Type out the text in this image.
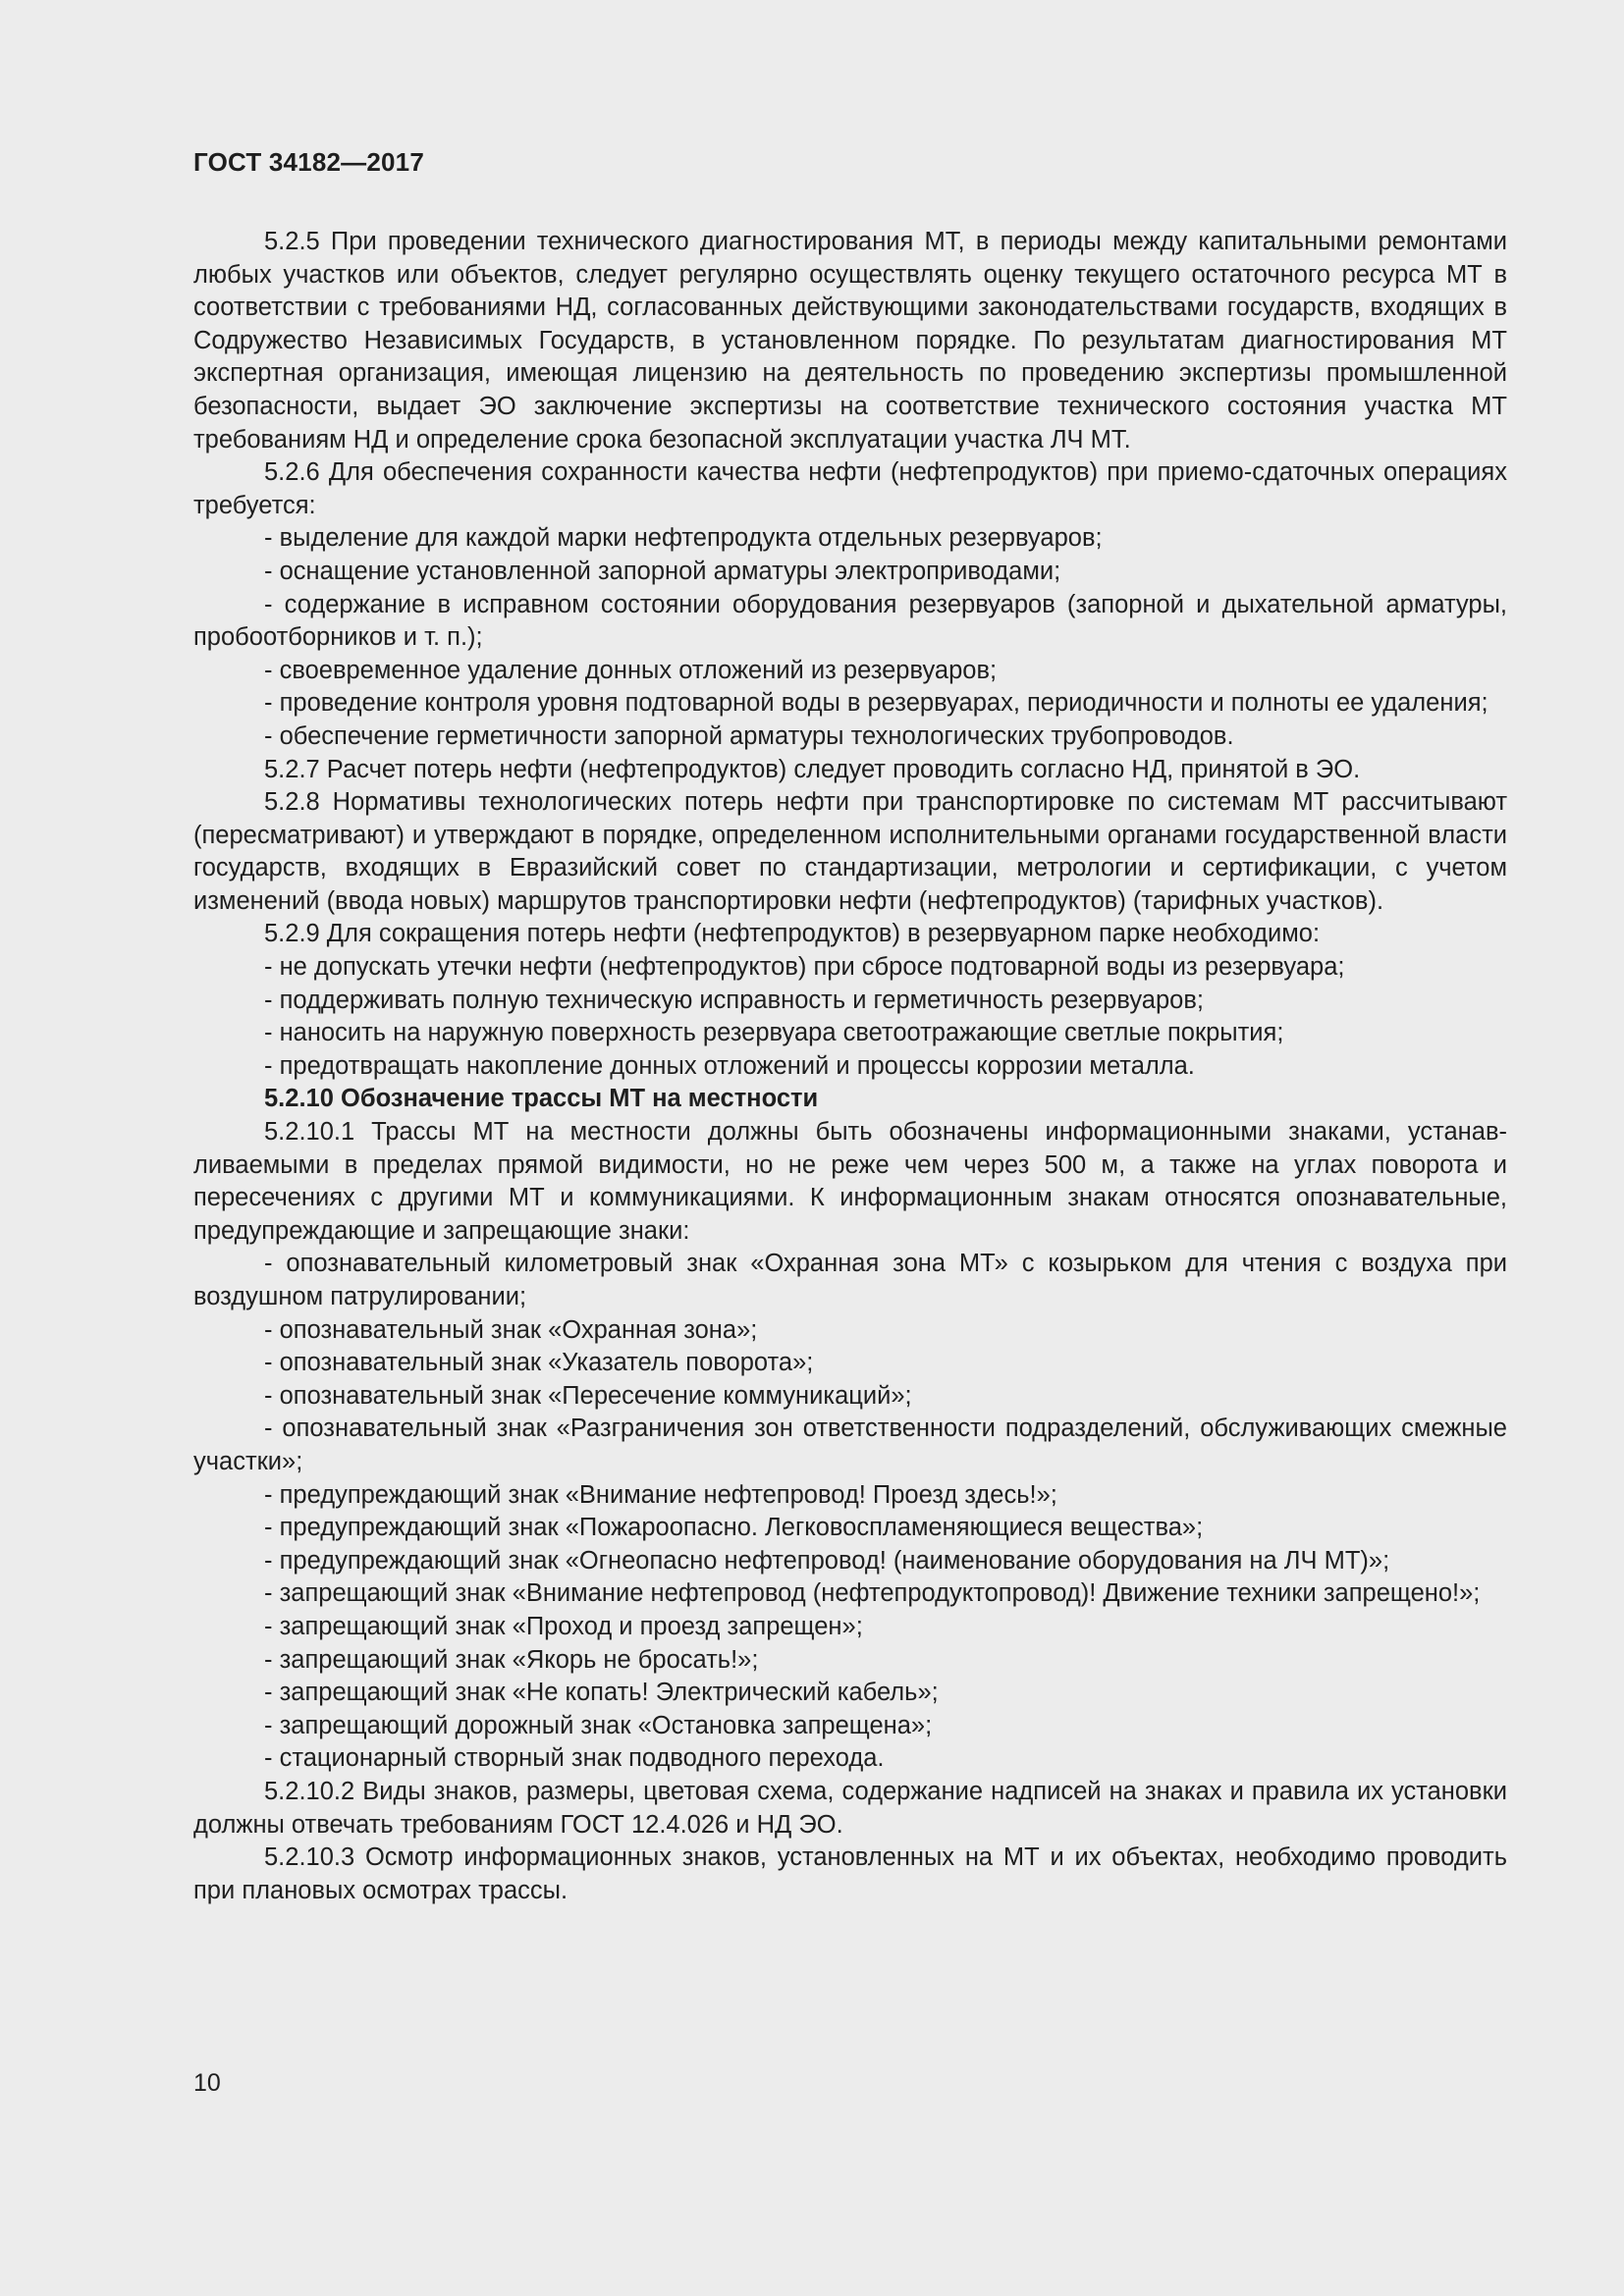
ГОСТ 34182—2017

5.2.5 При проведении технического диагностирования МТ, в периоды между капитальными ремонтами любых участков или объектов, следует регулярно осуществлять оценку текущего остаточного ресурса МТ в соответствии с требованиями НД, согласованных действующими законодательствами государств, входящих в Содружество Независимых Государств, в установленном порядке. По результатам диагностирования МТ экспертная организация, имеющая лицензию на деятельность по проведению экспертизы промышленной безопасности, выдает ЭО заключение экспертизы на соответствие технического состояния участка МТ требованиям НД и определение срока безопасной эксплуатации участка ЛЧ МТ.

5.2.6 Для обеспечения сохранности качества нефти (нефтепродуктов) при приемо-сдаточных операциях требуется:

- выделение для каждой марки нефтепродукта отдельных резервуаров;

- оснащение установленной запорной арматуры электроприводами;

- содержание в исправном состоянии оборудования резервуаров (запорной и дыхательной арматуры, пробоотборников и т. п.);

- своевременное удаление донных отложений из резервуаров;

- проведение контроля уровня подтоварной воды в резервуарах, периодичности и полноты ее удаления;

- обеспечение герметичности запорной арматуры технологических трубопроводов.

5.2.7 Расчет потерь нефти (нефтепродуктов) следует проводить согласно НД, принятой в ЭО.

5.2.8 Нормативы технологических потерь нефти при транспортировке по системам МТ рассчитывают (пересматривают) и утверждают в порядке, определенном исполнительными органами государственной власти государств, входящих в Евразийский совет по стандартизации, метрологии и сертификации, с учетом изменений (ввода новых) маршрутов транспортировки нефти (нефтепродуктов) (тарифных участков).

5.2.9 Для сокращения потерь нефти (нефтепродуктов) в резервуарном парке необходимо:

- не допускать утечки нефти (нефтепродуктов) при сбросе подтоварной воды из резервуара;

- поддерживать полную техническую исправность и герметичность резервуаров;

- наносить на наружную поверхность резервуара светоотражающие светлые покрытия;

- предотвращать накопление донных отложений и процессы коррозии металла.

5.2.10 Обозначение трассы МТ на местности

5.2.10.1 Трассы МТ на местности должны быть обозначены информационными знаками, устанавливаемыми в пределах прямой видимости, но не реже чем через 500 м, а также на углах поворота и пересечениях с другими МТ и коммуникациями. К информационным знакам относятся опознавательные, предупреждающие и запрещающие знаки:

- опознавательный километровый знак «Охранная зона МТ» с козырьком для чтения с воздуха при воздушном патрулировании;

- опознавательный знак «Охранная зона»;

- опознавательный знак «Указатель поворота»;

- опознавательный знак «Пересечение коммуникаций»;

- опознавательный знак «Разграничения зон ответственности подразделений, обслуживающих смежные участки»;

- предупреждающий знак «Внимание нефтепровод! Проезд здесь!»;

- предупреждающий знак «Пожароопасно. Легковоспламеняющиеся вещества»;

- предупреждающий знак «Огнеопасно нефтепровод! (наименование оборудования на ЛЧ МТ)»;

- запрещающий знак «Внимание нефтепровод (нефтепродуктопровод)! Движение техники запрещено!»;

- запрещающий знак «Проход и проезд запрещен»;

- запрещающий знак «Якорь не бросать!»;

- запрещающий знак «Не копать! Электрический кабель»;

- запрещающий дорожный знак «Остановка запрещена»;

- стационарный створный знак подводного перехода.

5.2.10.2 Виды знаков, размеры, цветовая схема, содержание надписей на знаках и правила их установки должны отвечать требованиям ГОСТ 12.4.026 и НД ЭО.

5.2.10.3 Осмотр информационных знаков, установленных на МТ и их объектах, необходимо проводить при плановых осмотрах трассы.

10
